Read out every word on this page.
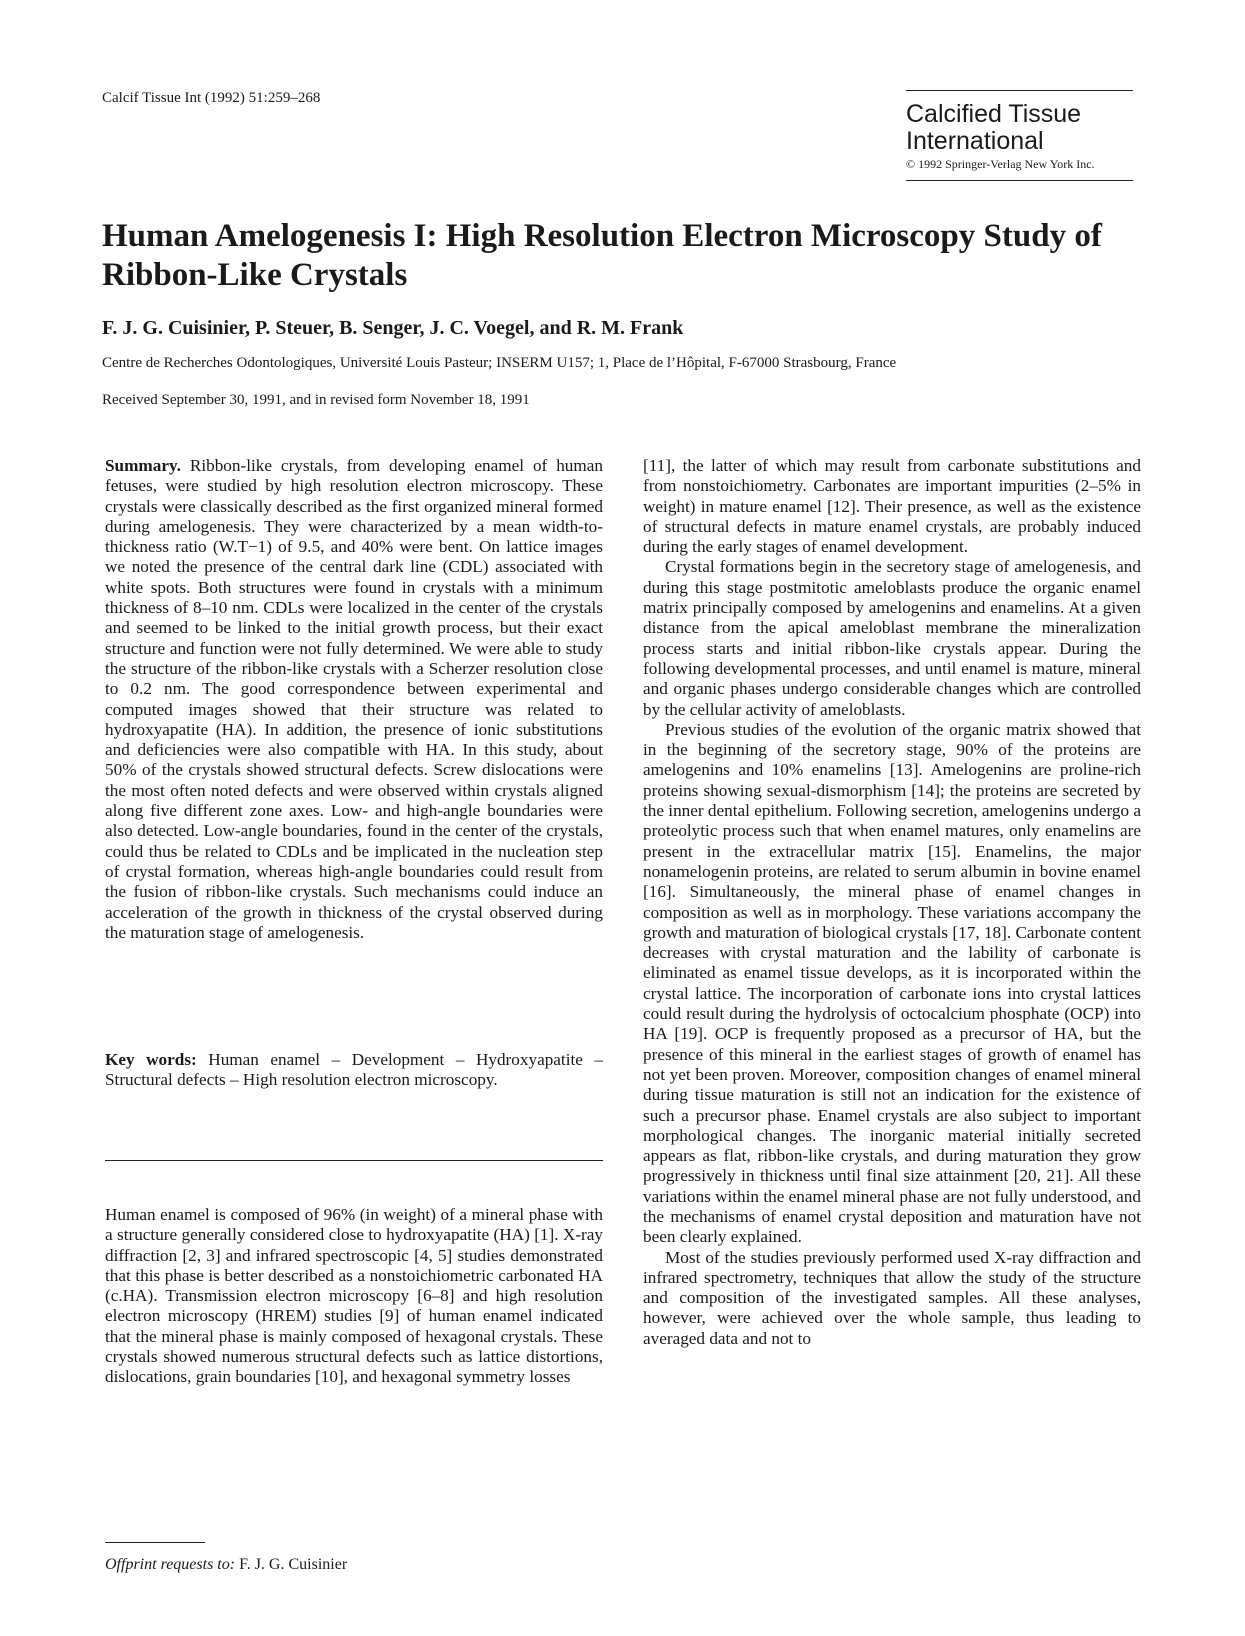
Calcif Tissue Int (1992) 51:259–268
Calcified Tissue
International
© 1992 Springer-Verlag New York Inc.
Human Amelogenesis I: High Resolution Electron Microscopy Study of Ribbon-Like Crystals
F. J. G. Cuisinier, P. Steuer, B. Senger, J. C. Voegel, and R. M. Frank
Centre de Recherches Odontologiques, Université Louis Pasteur; INSERM U157; 1, Place de l’Hôpital, F-67000 Strasbourg, France
Received September 30, 1991, and in revised form November 18, 1991

Summary. Ribbon-like crystals, from developing enamel of human fetuses, were studied by high resolution electron microscopy. These crystals were classically described as the first organized mineral formed during amelogenesis. They were characterized by a mean width-to-thickness ratio (W.T−1) of 9.5, and 40% were bent. On lattice images we noted the presence of the central dark line (CDL) associated with white spots. Both structures were found in crystals with a minimum thickness of 8–10 nm. CDLs were localized in the center of the crystals and seemed to be linked to the initial growth process, but their exact structure and function were not fully determined. We were able to study the structure of the ribbon-like crystals with a Scherzer resolution close to 0.2 nm. The good correspondence between experimental and computed images showed that their structure was related to hydroxyapatite (HA). In addition, the presence of ionic substitutions and deficiencies were also compatible with HA. In this study, about 50% of the crystals showed structural defects. Screw dislocations were the most often noted defects and were observed within crystals aligned along five different zone axes. Low- and high-angle boundaries were also detected. Low-angle boundaries, found in the center of the crystals, could thus be related to CDLs and be implicated in the nucleation step of crystal formation, whereas high-angle boundaries could result from the fusion of ribbon-like crystals. Such mechanisms could induce an acceleration of the growth in thickness of the crystal observed during the maturation stage of amelogenesis.

Key words: Human enamel – Development – Hydroxyapatite – Structural defects – High resolution electron microscopy.

Human enamel is composed of 96% (in weight) of a mineral phase with a structure generally considered close to hydroxyapatite (HA) [1]. X-ray diffraction [2, 3] and infrared spectroscopic [4, 5] studies demonstrated that this phase is better described as a nonstoichiometric carbonated HA (c.HA). Transmission electron microscopy [6–8] and high resolution electron microscopy (HREM) studies [9] of human enamel indicated that the mineral phase is mainly composed of hexagonal crystals. These crystals showed numerous structural defects such as lattice distortions, dislocations, grain boundaries [10], and hexagonal symmetry losses

Offprint requests to: F. J. G. Cuisinier

[11], the latter of which may result from carbonate substitutions and from nonstoichiometry. Carbonates are important impurities (2–5% in weight) in mature enamel [12]. Their presence, as well as the existence of structural defects in mature enamel crystals, are probably induced during the early stages of enamel development.

Crystal formations begin in the secretory stage of amelogenesis, and during this stage postmitotic ameloblasts produce the organic enamel matrix principally composed by amelogenins and enamelins. At a given distance from the apical ameloblast membrane the mineralization process starts and initial ribbon-like crystals appear. During the following developmental processes, and until enamel is mature, mineral and organic phases undergo considerable changes which are controlled by the cellular activity of ameloblasts.

Previous studies of the evolution of the organic matrix showed that in the beginning of the secretory stage, 90% of the proteins are amelogenins and 10% enamelins [13]. Amelogenins are proline-rich proteins showing sexual-dismorphism [14]; the proteins are secreted by the inner dental epithelium. Following secretion, amelogenins undergo a proteolytic process such that when enamel matures, only enamelins are present in the extracellular matrix [15]. Enamelins, the major nonamelogenin proteins, are related to serum albumin in bovine enamel [16]. Simultaneously, the mineral phase of enamel changes in composition as well as in morphology. These variations accompany the growth and maturation of biological crystals [17, 18]. Carbonate content decreases with crystal maturation and the lability of carbonate is eliminated as enamel tissue develops, as it is incorporated within the crystal lattice. The incorporation of carbonate ions into crystal lattices could result during the hydrolysis of octocalcium phosphate (OCP) into HA [19]. OCP is frequently proposed as a precursor of HA, but the presence of this mineral in the earliest stages of growth of enamel has not yet been proven. Moreover, composition changes of enamel mineral during tissue maturation is still not an indication for the existence of such a precursor phase. Enamel crystals are also subject to important morphological changes. The inorganic material initially secreted appears as flat, ribbon-like crystals, and during maturation they grow progressively in thickness until final size attainment [20, 21]. All these variations within the enamel mineral phase are not fully understood, and the mechanisms of enamel crystal deposition and maturation have not been clearly explained.

Most of the studies previously performed used X-ray diffraction and infrared spectrometry, techniques that allow the study of the structure and composition of the investigated samples. All these analyses, however, were achieved over the whole sample, thus leading to averaged data and not to
